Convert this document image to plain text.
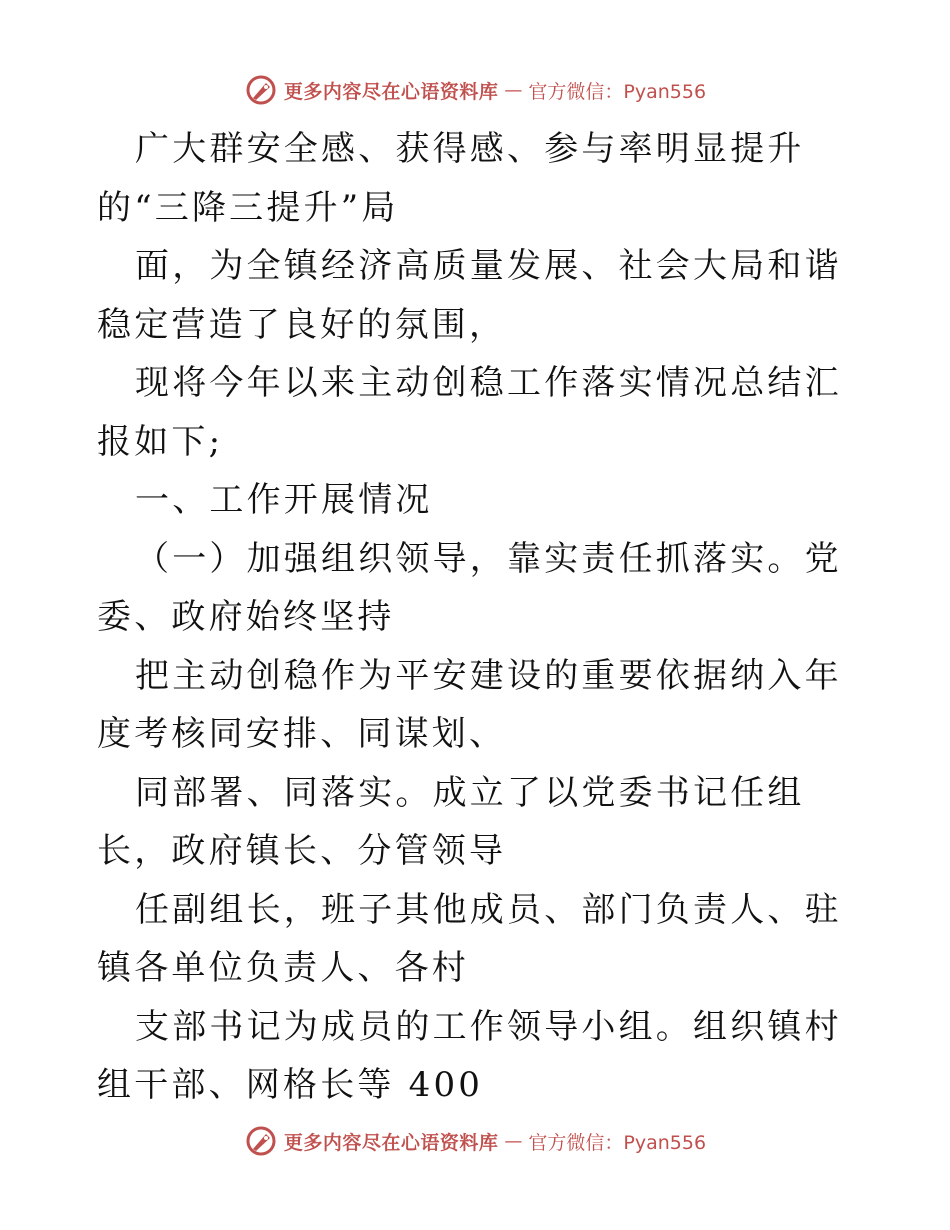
更多内容尽在心语资料库 — 官方微信：Pyan556

广大群安全感、获得感、参与率明显提升的“三降三提升”局

面，为全镇经济高质量发展、社会大局和谐稳定营造了良好的氛围，

现将今年以来主动创稳工作落实情况总结汇报如下;

一、工作开展情况

（一）加强组织领导，靠实责任抓落实。党委、政府始终坚持

把主动创稳作为平安建设的重要依据纳入年度考核同安排、同谋划、

同部署、同落实。成立了以党委书记任组长，政府镇长、分管领导

任副组长，班子其他成员、部门负责人、驻镇各单位负责人、各村

支部书记为成员的工作领导小组。组织镇村组干部、网格长等 400

更多内容尽在心语资料库 — 官方微信：Pyan556
